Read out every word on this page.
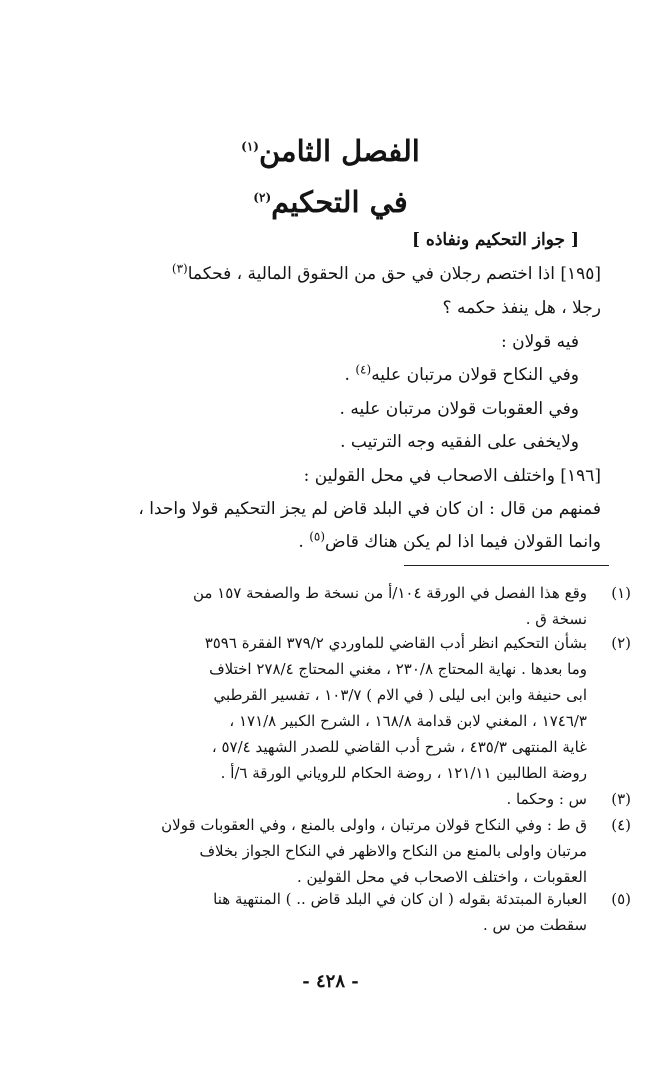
الفصل الثامن$^{(١)}$
في التحكيم$^{(٢)}$
[ جواز التحكيم ونفاذه ]
[١٩٥] اذا اختصم رجلان في حق من الحقوق المالية ، فحكما$^{(٣)}$
رجلا ، هل ينفذ حكمه ؟
فيه قولان :
وفي النكاح قولان مرتبان عليه$^{(٤)}$ .
وفي العقوبات قولان مرتبان عليه .
ولايخفى على الفقيه وجه الترتيب .
[١٩٦] واختلف الاصحاب في محل القولين :
فمنهم من قال : ان كان في البلد قاض لم يجز التحكيم قولا واحدا ،
وانما القولان فيما اذا لم يكن هناك قاض$^{(٥)}$ .
(١)
وقع هذا الفصل في الورقة ١٠٤/أ من نسخة ط والصفحة ١٥٧ من
نسخة ق .
(٢)
بشأن التحكيم انظر أدب القاضي للماوردي ٣٧٩/٢ الفقرة ٣٥٩٦
وما بعدها . نهاية المحتاج ٢٣٠/٨ ، مغني المحتاج ٢٧٨/٤ اختلاف
ابى حنيفة وابن ابى ليلى ( في الام ) ١٠٣/٧ ، تفسير القرطبي
١٧٤٦/٣ ، المغني لابن قدامة ١٦٨/٨ ، الشرح الكبير ١٧١/٨ ،
غاية المنتهى ٤٣٥/٣ ، شرح أدب القاضي للصدر الشهيد ٥٧/٤ ،
روضة الطالبين ١٢١/١١ ، روضة الحكام للروياني الورقة ٦/أ .
(٣)
س : وحكما .
(٤)
ق ط : وفي النكاح قولان مرتبان ، واولى بالمنع ، وفي العقوبات قولان
مرتبان واولى بالمنع من النكاح والاظهر في النكاح الجواز بخلاف
العقوبات ، واختلف الاصحاب في محل القولين .
(٥)
العبارة المبتدئة بقوله ( ان كان في البلد قاض .. ) المنتهية هنا
سقطت من س .
- ٤٢٨ -
